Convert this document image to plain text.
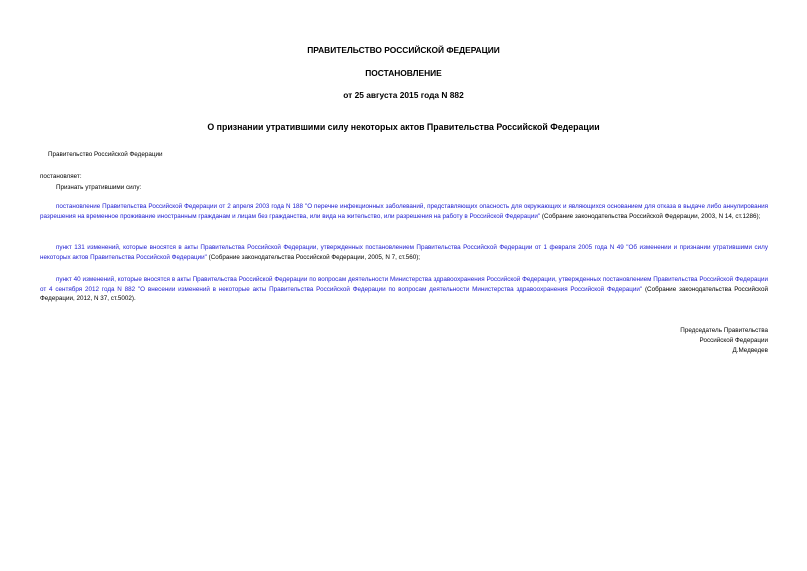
ПРАВИТЕЛЬСТВО РОССИЙСКОЙ ФЕДЕРАЦИИ
ПОСТАНОВЛЕНИЕ
от 25 августа 2015 года N 882
О признании утратившими силу некоторых актов Правительства Российской Федерации
Правительство Российской Федерации
постановляет:
Признать утратившими силу:
постановление Правительства Российской Федерации от 2 апреля 2003 года N 188 "О перечне инфекционных заболеваний, представляющих опасность для окружающих и являющихся основанием для отказа в выдаче либо аннулирования разрешения на временное проживание иностранным гражданам и лицам без гражданства, или вида на жительство, или разрешения на работу в Российской Федерации" (Собрание законодательства Российской Федерации, 2003, N 14, ст.1286);
пункт 131 изменений, которые вносятся в акты Правительства Российской Федерации, утвержденных постановлением Правительства Российской Федерации от 1 февраля 2005 года N 49 "Об изменении и признании утратившими силу некоторых актов Правительства Российской Федерации" (Собрание законодательства Российской Федерации, 2005, N 7, ст.560);
пункт 40 изменений, которые вносятся в акты Правительства Российской Федерации по вопросам деятельности Министерства здравоохранения Российской Федерации, утвержденных постановлением Правительства Российской Федерации от 4 сентября 2012 года N 882 "О внесении изменений в некоторые акты Правительства Российской Федерации по вопросам деятельности Министерства здравоохранения Российской Федерации" (Собрание законодательства Российской Федерации, 2012, N 37, ст.5002).
Председатель Правительства
Российской Федерации
Д.Медведев
